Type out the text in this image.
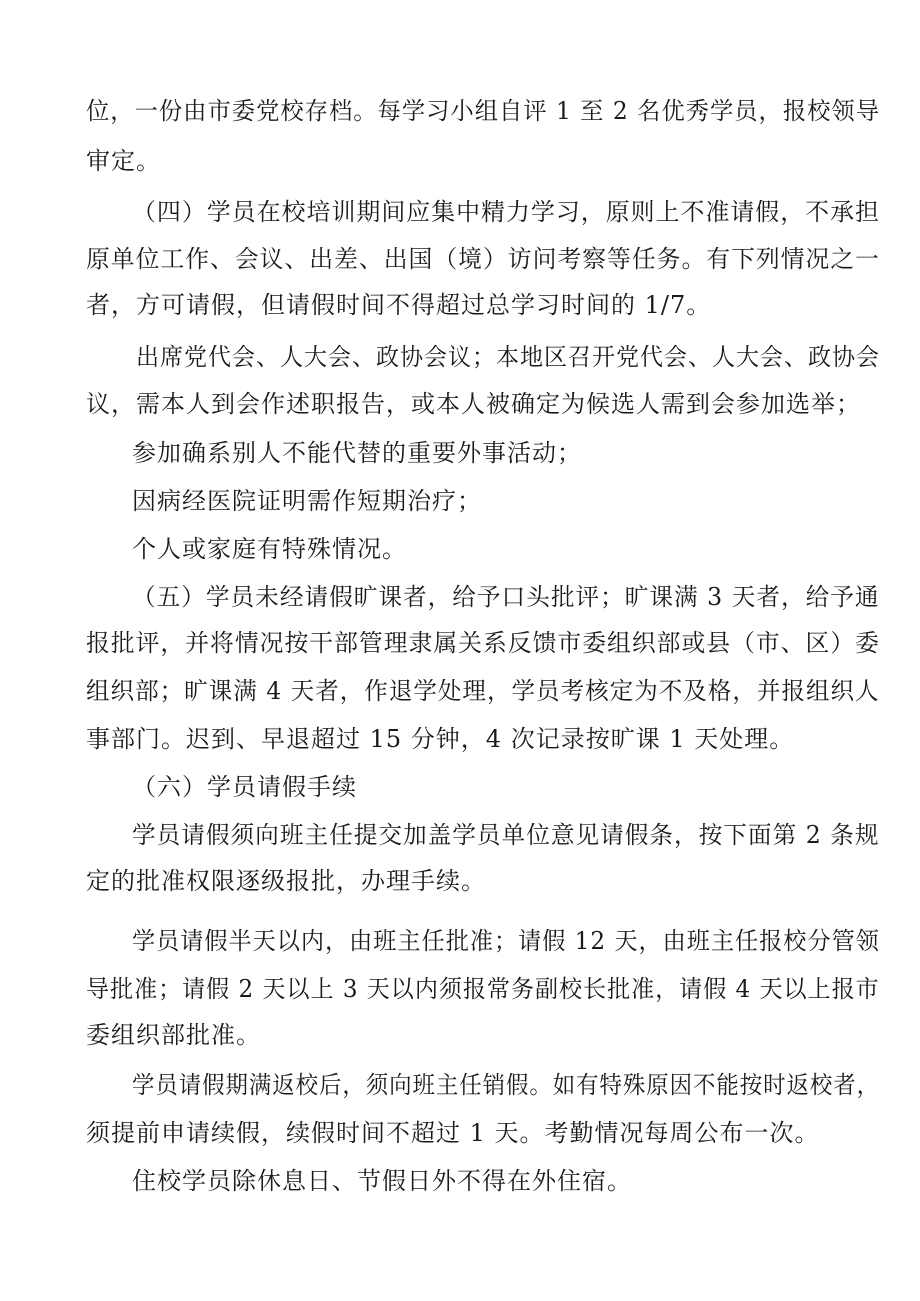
位，一份由市委党校存档。每学习小组自评 1 至 2 名优秀学员，报校领导
审定。
（四）学员在校培训期间应集中精力学习，原则上不准请假，不承担
原单位工作、会议、出差、出国（境）访问考察等任务。有下列情况之一
者，方可请假，但请假时间不得超过总学习时间的 1/7。
出席党代会、人大会、政协会议；本地区召开党代会、人大会、政协会
议，需本人到会作述职报告，或本人被确定为候选人需到会参加选举；
参加确系别人不能代替的重要外事活动；
因病经医院证明需作短期治疗；
个人或家庭有特殊情况。
（五）学员未经请假旷课者，给予口头批评；旷课满 3 天者，给予通
报批评，并将情况按干部管理隶属关系反馈市委组织部或县（市、区）委
组织部；旷课满 4 天者，作退学处理，学员考核定为不及格，并报组织人
事部门。迟到、早退超过 15 分钟，4 次记录按旷课 1 天处理。
（六）学员请假手续
学员请假须向班主任提交加盖学员单位意见请假条，按下面第 2 条规
定的批准权限逐级报批，办理手续。
学员请假半天以内，由班主任批准；请假 12 天，由班主任报校分管领
导批准；请假 2 天以上 3 天以内须报常务副校长批准，请假 4 天以上报市
委组织部批准。
学员请假期满返校后，须向班主任销假。如有特殊原因不能按时返校者，
须提前申请续假，续假时间不超过 1 天。考勤情况每周公布一次。
住校学员除休息日、节假日外不得在外住宿。
